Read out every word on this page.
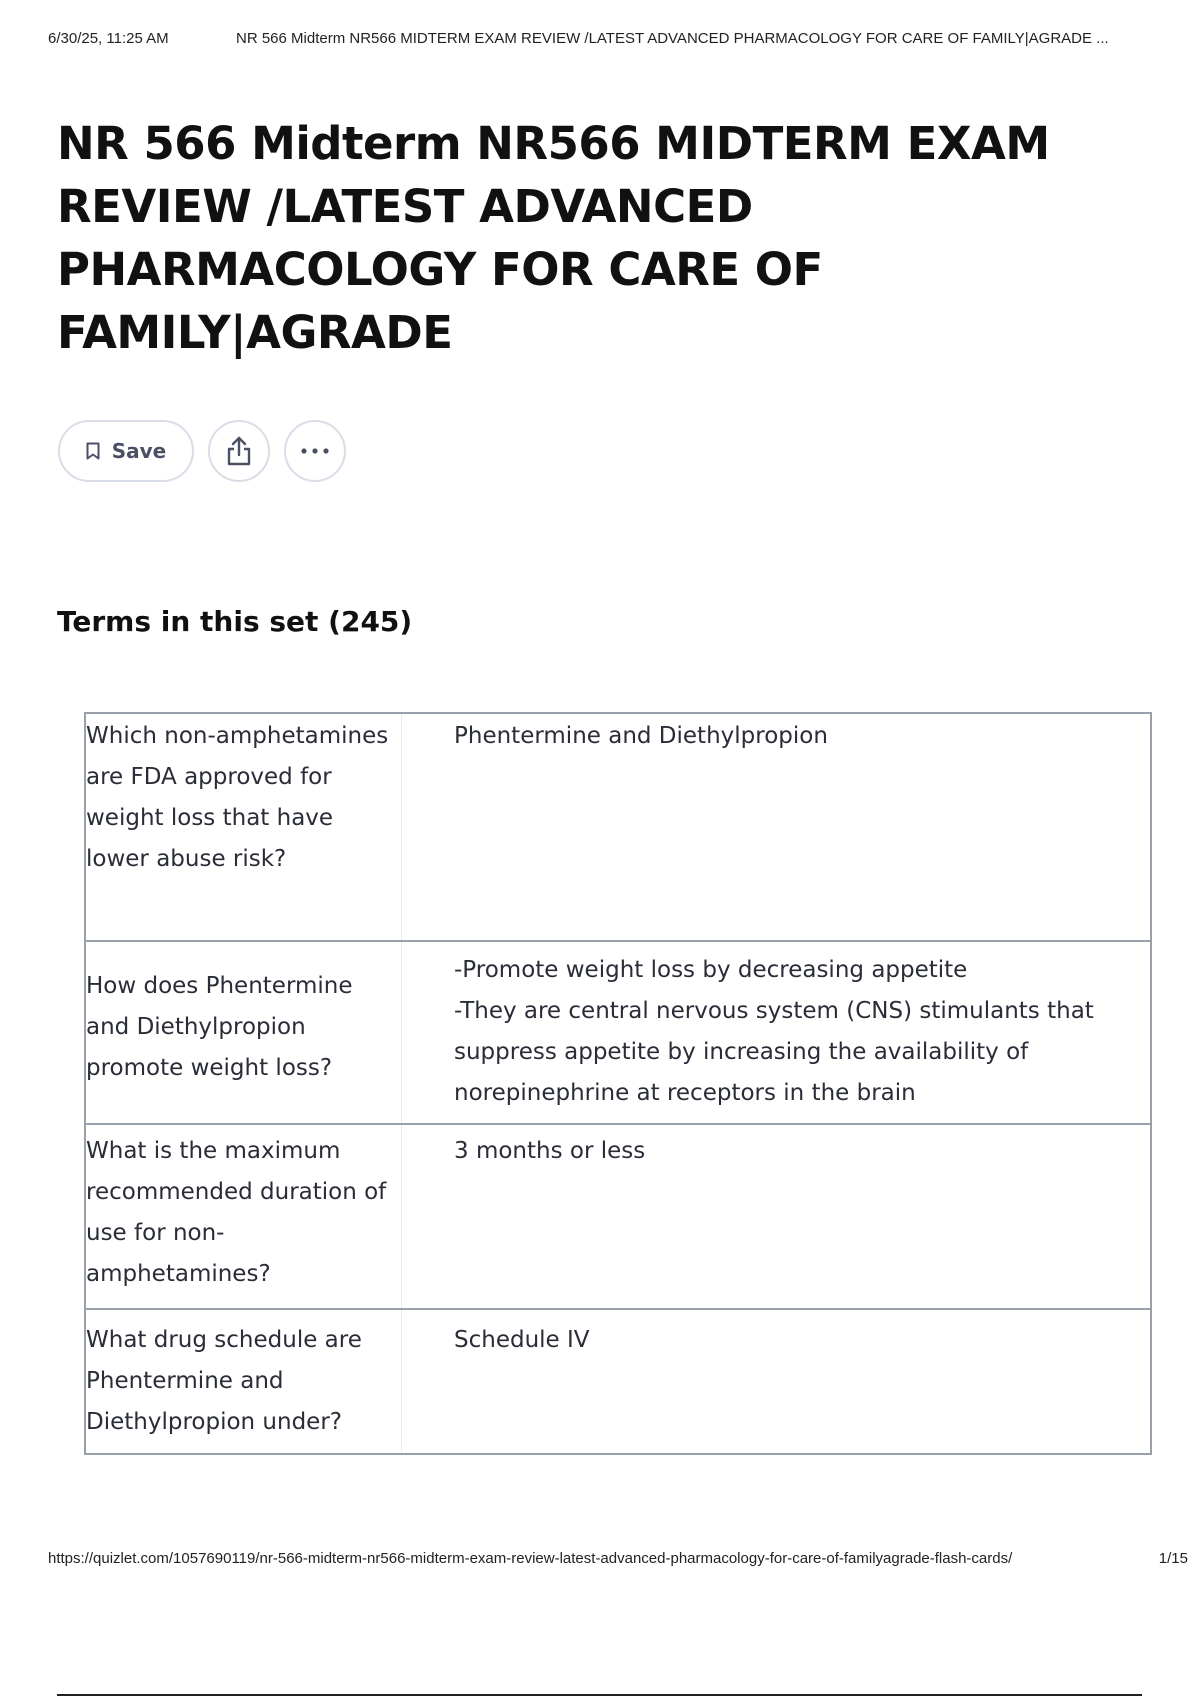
6/30/25, 11:25 AM	NR 566 Midterm NR566 MIDTERM EXAM REVIEW /LATEST ADVANCED PHARMACOLOGY FOR CARE OF FAMILY|AGRADE ...
NR 566 Midterm NR566 MIDTERM EXAM REVIEW /LATEST ADVANCED PHARMACOLOGY FOR CARE OF FAMILY|AGRADE
Save
Terms in this set (245)
Which non-amphetamines are FDA approved for weight loss that have lower abuse risk?
Phentermine and Diethylpropion
How does Phentermine and Diethylpropion promote weight loss?
-Promote weight loss by decreasing appetite
-They are central nervous system (CNS) stimulants that suppress appetite by increasing the availability of norepinephrine at receptors in the brain
What is the maximum recommended duration of use for non-amphetamines?
3 months or less
What drug schedule are Phentermine and Diethylpropion under?
Schedule IV
https://quizlet.com/1057690119/nr-566-midterm-nr566-midterm-exam-review-latest-advanced-pharmacology-for-care-of-familyagrade-flash-cards/	1/15
